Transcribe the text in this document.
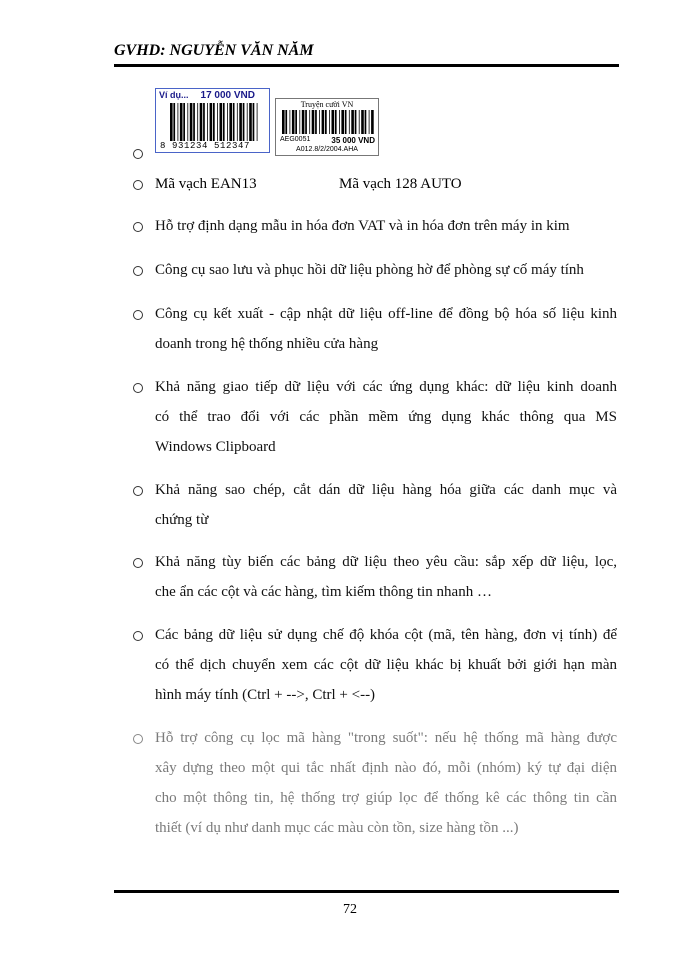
GVHD: NGUYỄN VĂN NĂM
Ví dụ... 17 000 VND
8 931234 512347
Truyện cười VN
AEG0051	35 000 VND
A012.8/2/2004.AHA
Mã vạch EAN13	Mã vạch 128 AUTO
Hỗ trợ định dạng mẫu in hóa đơn VAT và in hóa đơn trên máy in kim
Công cụ sao lưu và phục hồi dữ liệu phòng hờ để phòng sự cố máy tính
Công cụ kết xuất - cập nhật dữ liệu off-line để đồng bộ hóa số liệu kinh
doanh trong hệ thống nhiều cửa hàng
Khả năng giao tiếp dữ liệu với các ứng dụng khác: dữ liệu kinh doanh
có thể trao đổi với các phần mềm ứng dụng khác thông qua MS
Windows Clipboard
Khả năng sao chép, cắt dán dữ liệu hàng hóa giữa các danh mục và
chứng từ
Khả năng tùy biến các bảng dữ liệu theo yêu cầu: sắp xếp dữ liệu, lọc,
che ẩn các cột và các hàng, tìm kiếm thông tin nhanh …
Các bảng dữ liệu sử dụng chế độ khóa cột (mã, tên hàng, đơn vị tính) để
có thể dịch chuyển xem các cột dữ liệu khác bị khuất bởi giới hạn màn
hình máy tính (Ctrl + -->, Ctrl + <--)
Hỗ trợ công cụ lọc mã hàng "trong suốt": nếu hệ thống mã hàng được
xây dựng theo một qui tắc nhất định nào đó, mỗi (nhóm) ký tự đại diện
cho một thông tin, hệ thống trợ giúp lọc để thống kê các thông tin cần
thiết (ví dụ như danh mục các màu còn tồn, size hàng tồn ...)
72
